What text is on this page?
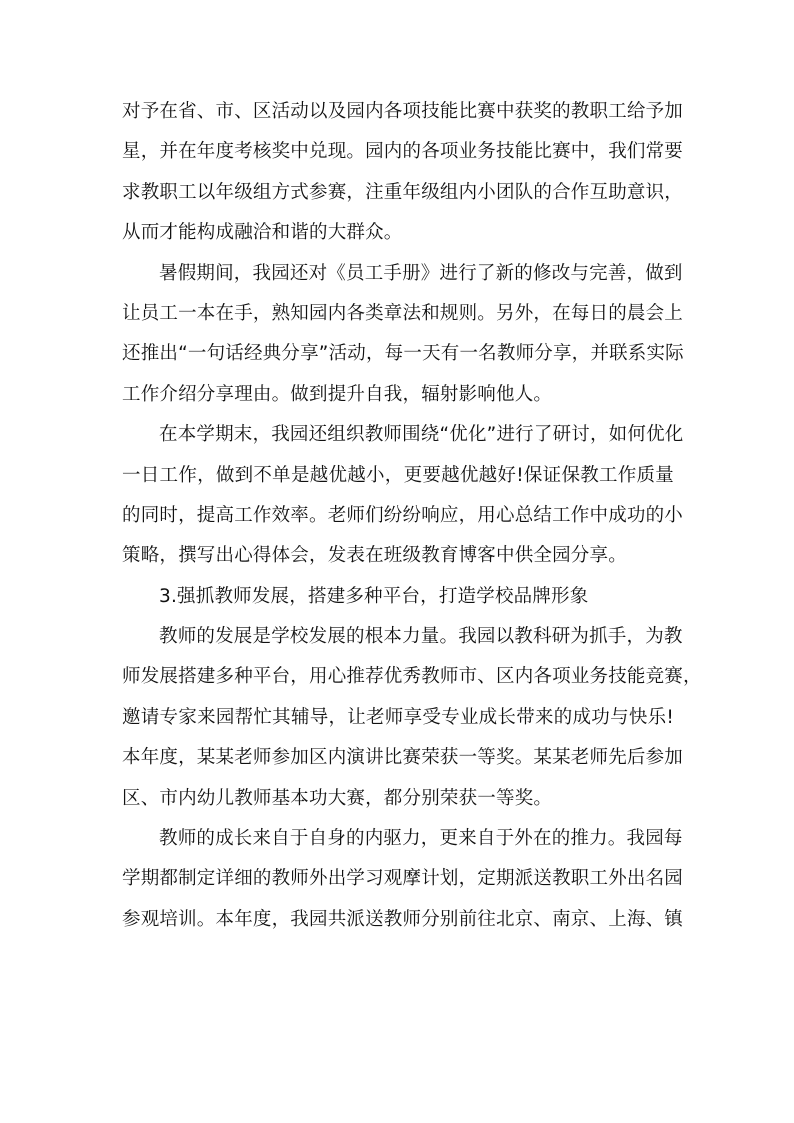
对予在省、市、区活动以及园内各项技能比赛中获奖的教职工给予加
星，并在年度考核奖中兑现。园内的各项业务技能比赛中，我们常要
求教职工以年级组方式参赛，注重年级组内小团队的合作互助意识，
从而才能构成融洽和谐的大群众。
暑假期间，我园还对《员工手册》进行了新的修改与完善，做到
让员工一本在手，熟知园内各类章法和规则。另外，在每日的晨会上
还推出“一句话经典分享”活动，每一天有一名教师分享，并联系实际
工作介绍分享理由。做到提升自我，辐射影响他人。
在本学期末，我园还组织教师围绕“优化”进行了研讨，如何优化
一日工作，做到不单是越优越小，更要越优越好!保证保教工作质量
的同时，提高工作效率。老师们纷纷响应，用心总结工作中成功的小
策略，撰写出心得体会，发表在班级教育博客中供全园分享。
3.强抓教师发展，搭建多种平台，打造学校品牌形象
教师的发展是学校发展的根本力量。我园以教科研为抓手，为教
师发展搭建多种平台，用心推荐优秀教师市、区内各项业务技能竞赛，
邀请专家来园帮忙其辅导，让老师享受专业成长带来的成功与快乐!
本年度，某某老师参加区内演讲比赛荣获一等奖。某某老师先后参加
区、市内幼儿教师基本功大赛，都分别荣获一等奖。
教师的成长来自于自身的内驱力，更来自于外在的推力。我园每
学期都制定详细的教师外出学习观摩计划，定期派送教职工外出名园
参观培训。本年度，我园共派送教师分别前往北京、南京、上海、镇
